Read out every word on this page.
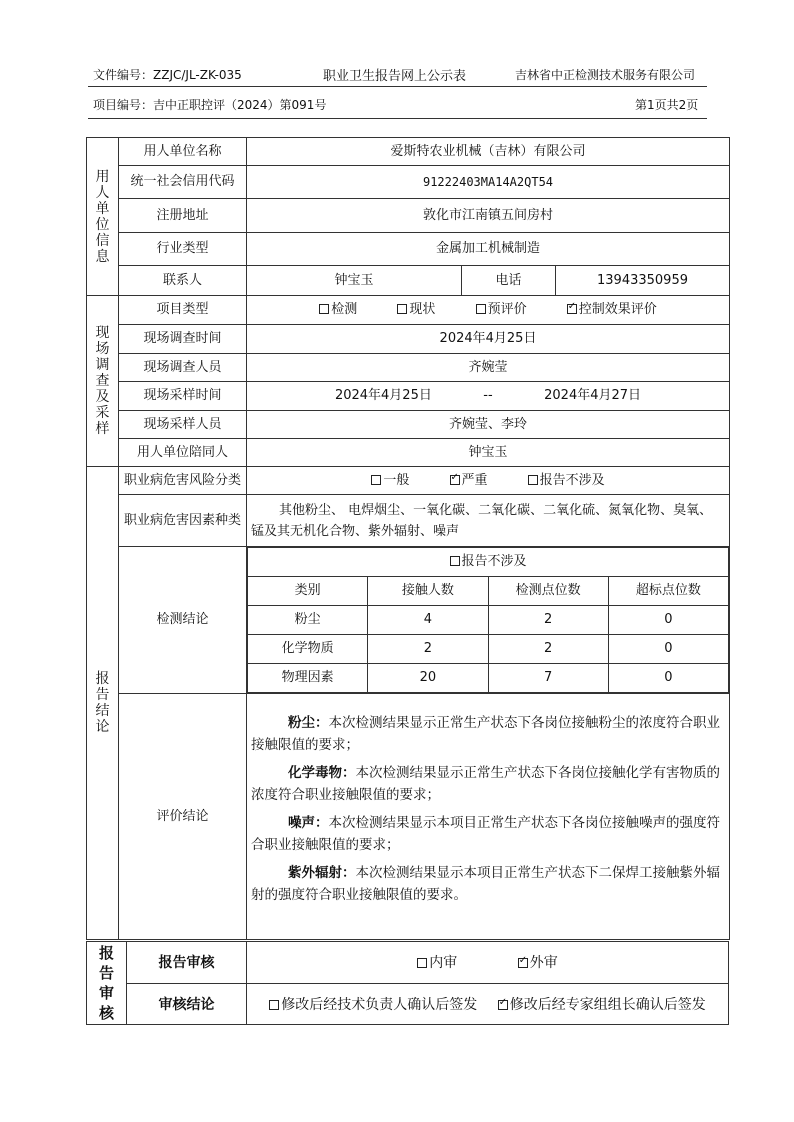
文件编号：ZZJC/JL-ZK-035	职业卫生报告网上公示表	吉林省中正检测技术服务有限公司
项目编号：吉中正职控评（2024）第091号	第1页共2页
用人单位信息	用人单位名称	爱斯特农业机械（吉林）有限公司
统一社会信用代码	91222403MA14A2QT54
注册地址	敦化市江南镇五间房村
行业类型	金属加工机械制造
联系人	钟宝玉	电话	13943350959
现场调查及采样	项目类型	检测	现状	预评价 ✓	控制效果评价
现场调查时间	2024年4月25日
现场调查人员	齐婉莹
现场采样时间	2024年4月25日	--	2024年4月27日
现场采样人员	齐婉莹、李玲
用人单位陪同人	钟宝玉
报告结论	职业病危害风险分类	一般 ✓	严重	报告不涉及
职业病危害因素种类	其他粉尘、 电焊烟尘、一氧化碳、二氧化碳、二氧化硫、氮氧化物、臭氧、锰及其无机化合物、紫外辐射、噪声
检测结论	
报告不涉及
类别	接触人数	检测点位数	超标点位数
粉尘	4	2	0
化学物质	2	2	0
物理因素	20	7	0

评价结论	

粉尘：本次检测结果显示正常生产状态下各岗位接触粉尘的浓度符合职业接触限值的要求；

化学毒物：本次检测结果显示正常生产状态下各岗位接触化学有害物质的浓度符合职业接触限值的要求；

噪声：本次检测结果显示本项目正常生产状态下各岗位接触噪声的强度符合职业接触限值的要求；

紫外辐射：本次检测结果显示本项目正常生产状态下二保焊工接触紫外辐射的强度符合职业接触限值的要求。

报告审核	报告审核	内审 ✓ 外审
	审核结论	修改后经技术负责人确认后签发 ✓ 修改后经专家组组长确认后签发
